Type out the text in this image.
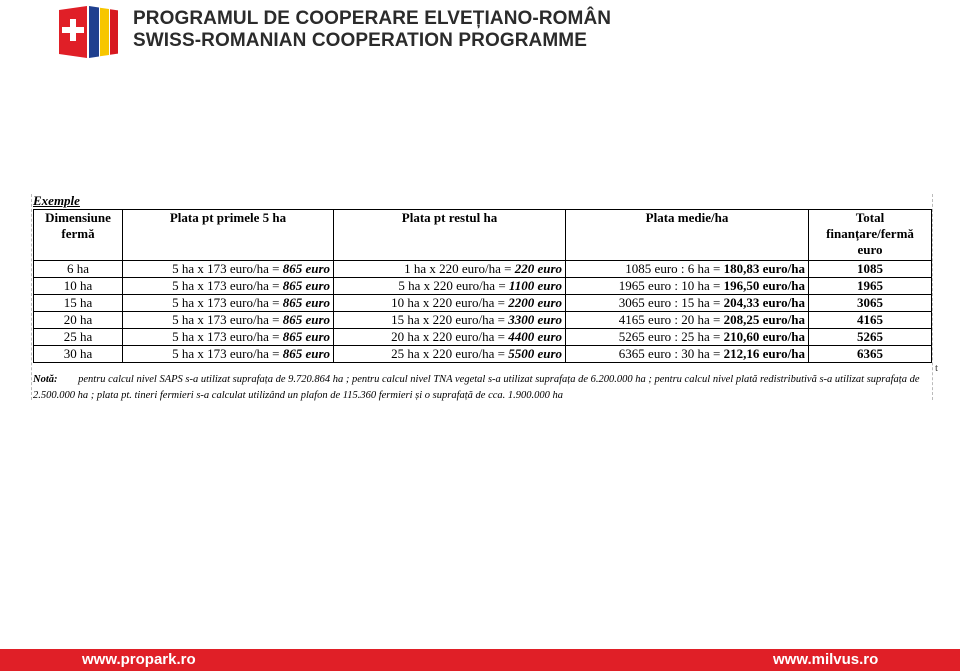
PROGRAMUL DE COOPERARE ELVEȚIANO-ROMÂN
SWISS-ROMANIAN COOPERATION PROGRAMME
Exemple
Dimensiune fermă	Plata pt primele 5 ha	Plata pt restul ha	Plata medie/ha	Total finanțare/fermă euro
6 ha	5 ha x 173 euro/ha = 865 euro	1 ha x 220 euro/ha = 220 euro	1085 euro : 6 ha = 180,83 euro/ha	1085
10 ha	5 ha x 173 euro/ha = 865 euro	5 ha x 220 euro/ha = 1100 euro	1965 euro : 10 ha = 196,50 euro/ha	1965
15 ha	5 ha x 173 euro/ha = 865 euro	10 ha x 220 euro/ha = 2200 euro	3065 euro : 15 ha = 204,33 euro/ha	3065
20 ha	5 ha x 173 euro/ha = 865 euro	15 ha x 220 euro/ha = 3300 euro	4165 euro : 20 ha = 208,25 euro/ha	4165
25 ha	5 ha x 173 euro/ha = 865 euro	20 ha x 220 euro/ha = 4400 euro	5265 euro : 25 ha = 210,60 euro/ha	5265
30 ha	5 ha x 173 euro/ha = 865 euro	25 ha x 220 euro/ha = 5500 euro	6365 euro : 30 ha = 212,16 euro/ha	6365
t
Notă: pentru calcul nivel SAPS s-a utilizat suprafața de 9.720.864 ha ; pentru calcul nivel TNA vegetal s-a utilizat suprafața de 6.200.000 ha ; pentru calcul nivel plată redistributivă s-a utilizat suprafața de 2.500.000 ha ; plata pt. tineri fermieri s-a calculat utilizând un plafon de 115.360 fermieri și o suprafață de cca. 1.900.000 ha
www.propark.ro	www.milvus.ro
